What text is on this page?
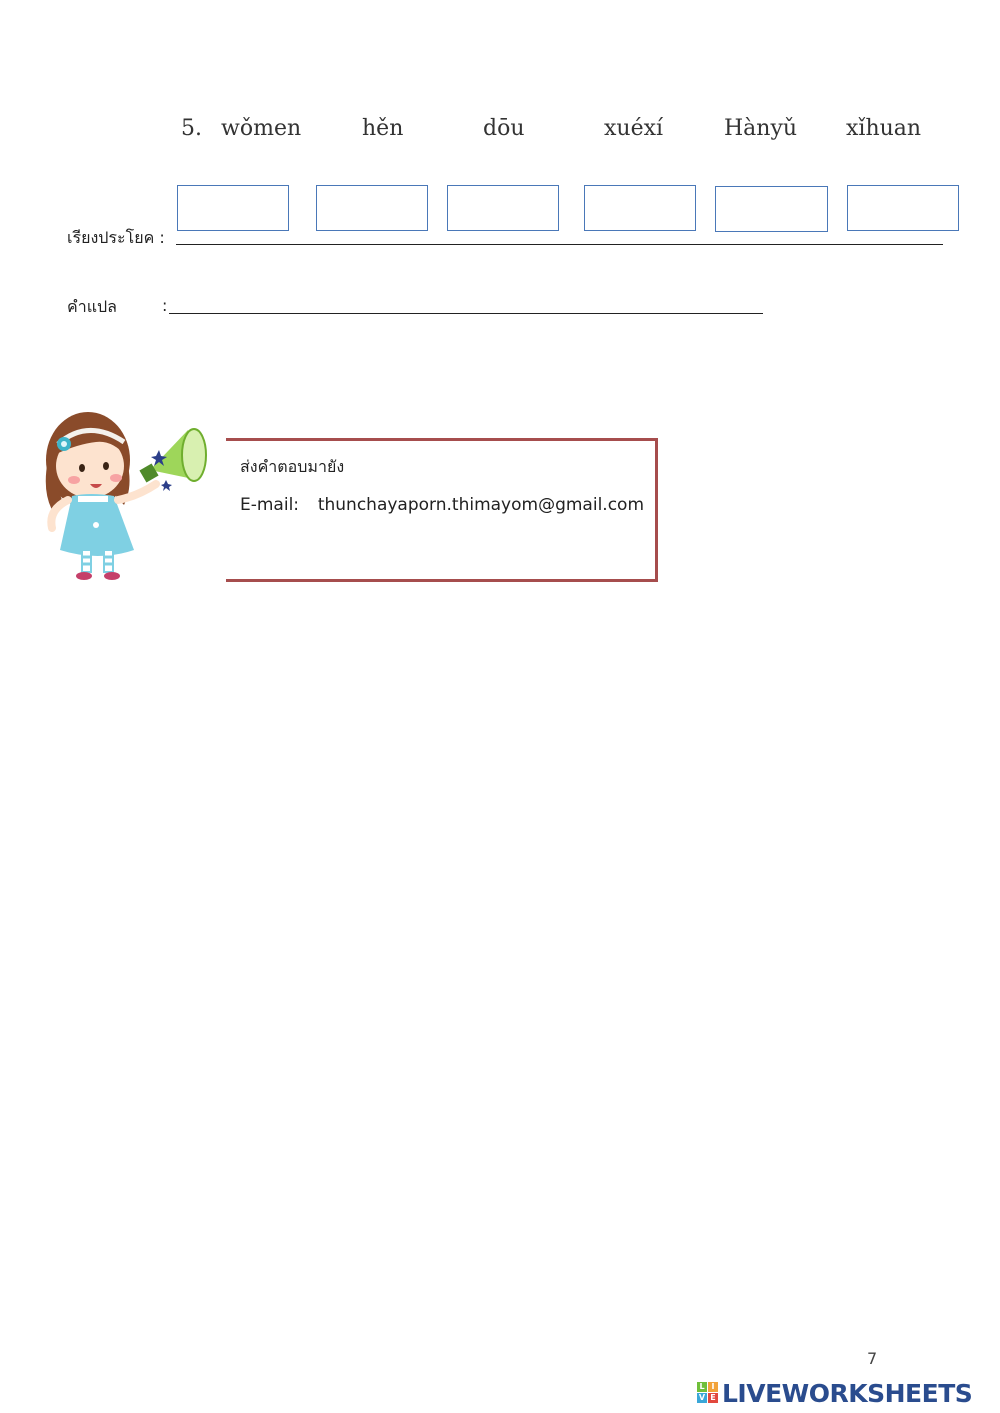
5. wǒmen	hěn	dōu	xuéxí	Hànyǔ xǐhuan
เรียงประโยค :
คำแปล	:
ส่งคำตอบมายัง
E-mail: thunchayaporn.thimayom@gmail.com
7
L I
V E LIVEWORKSHEETS
